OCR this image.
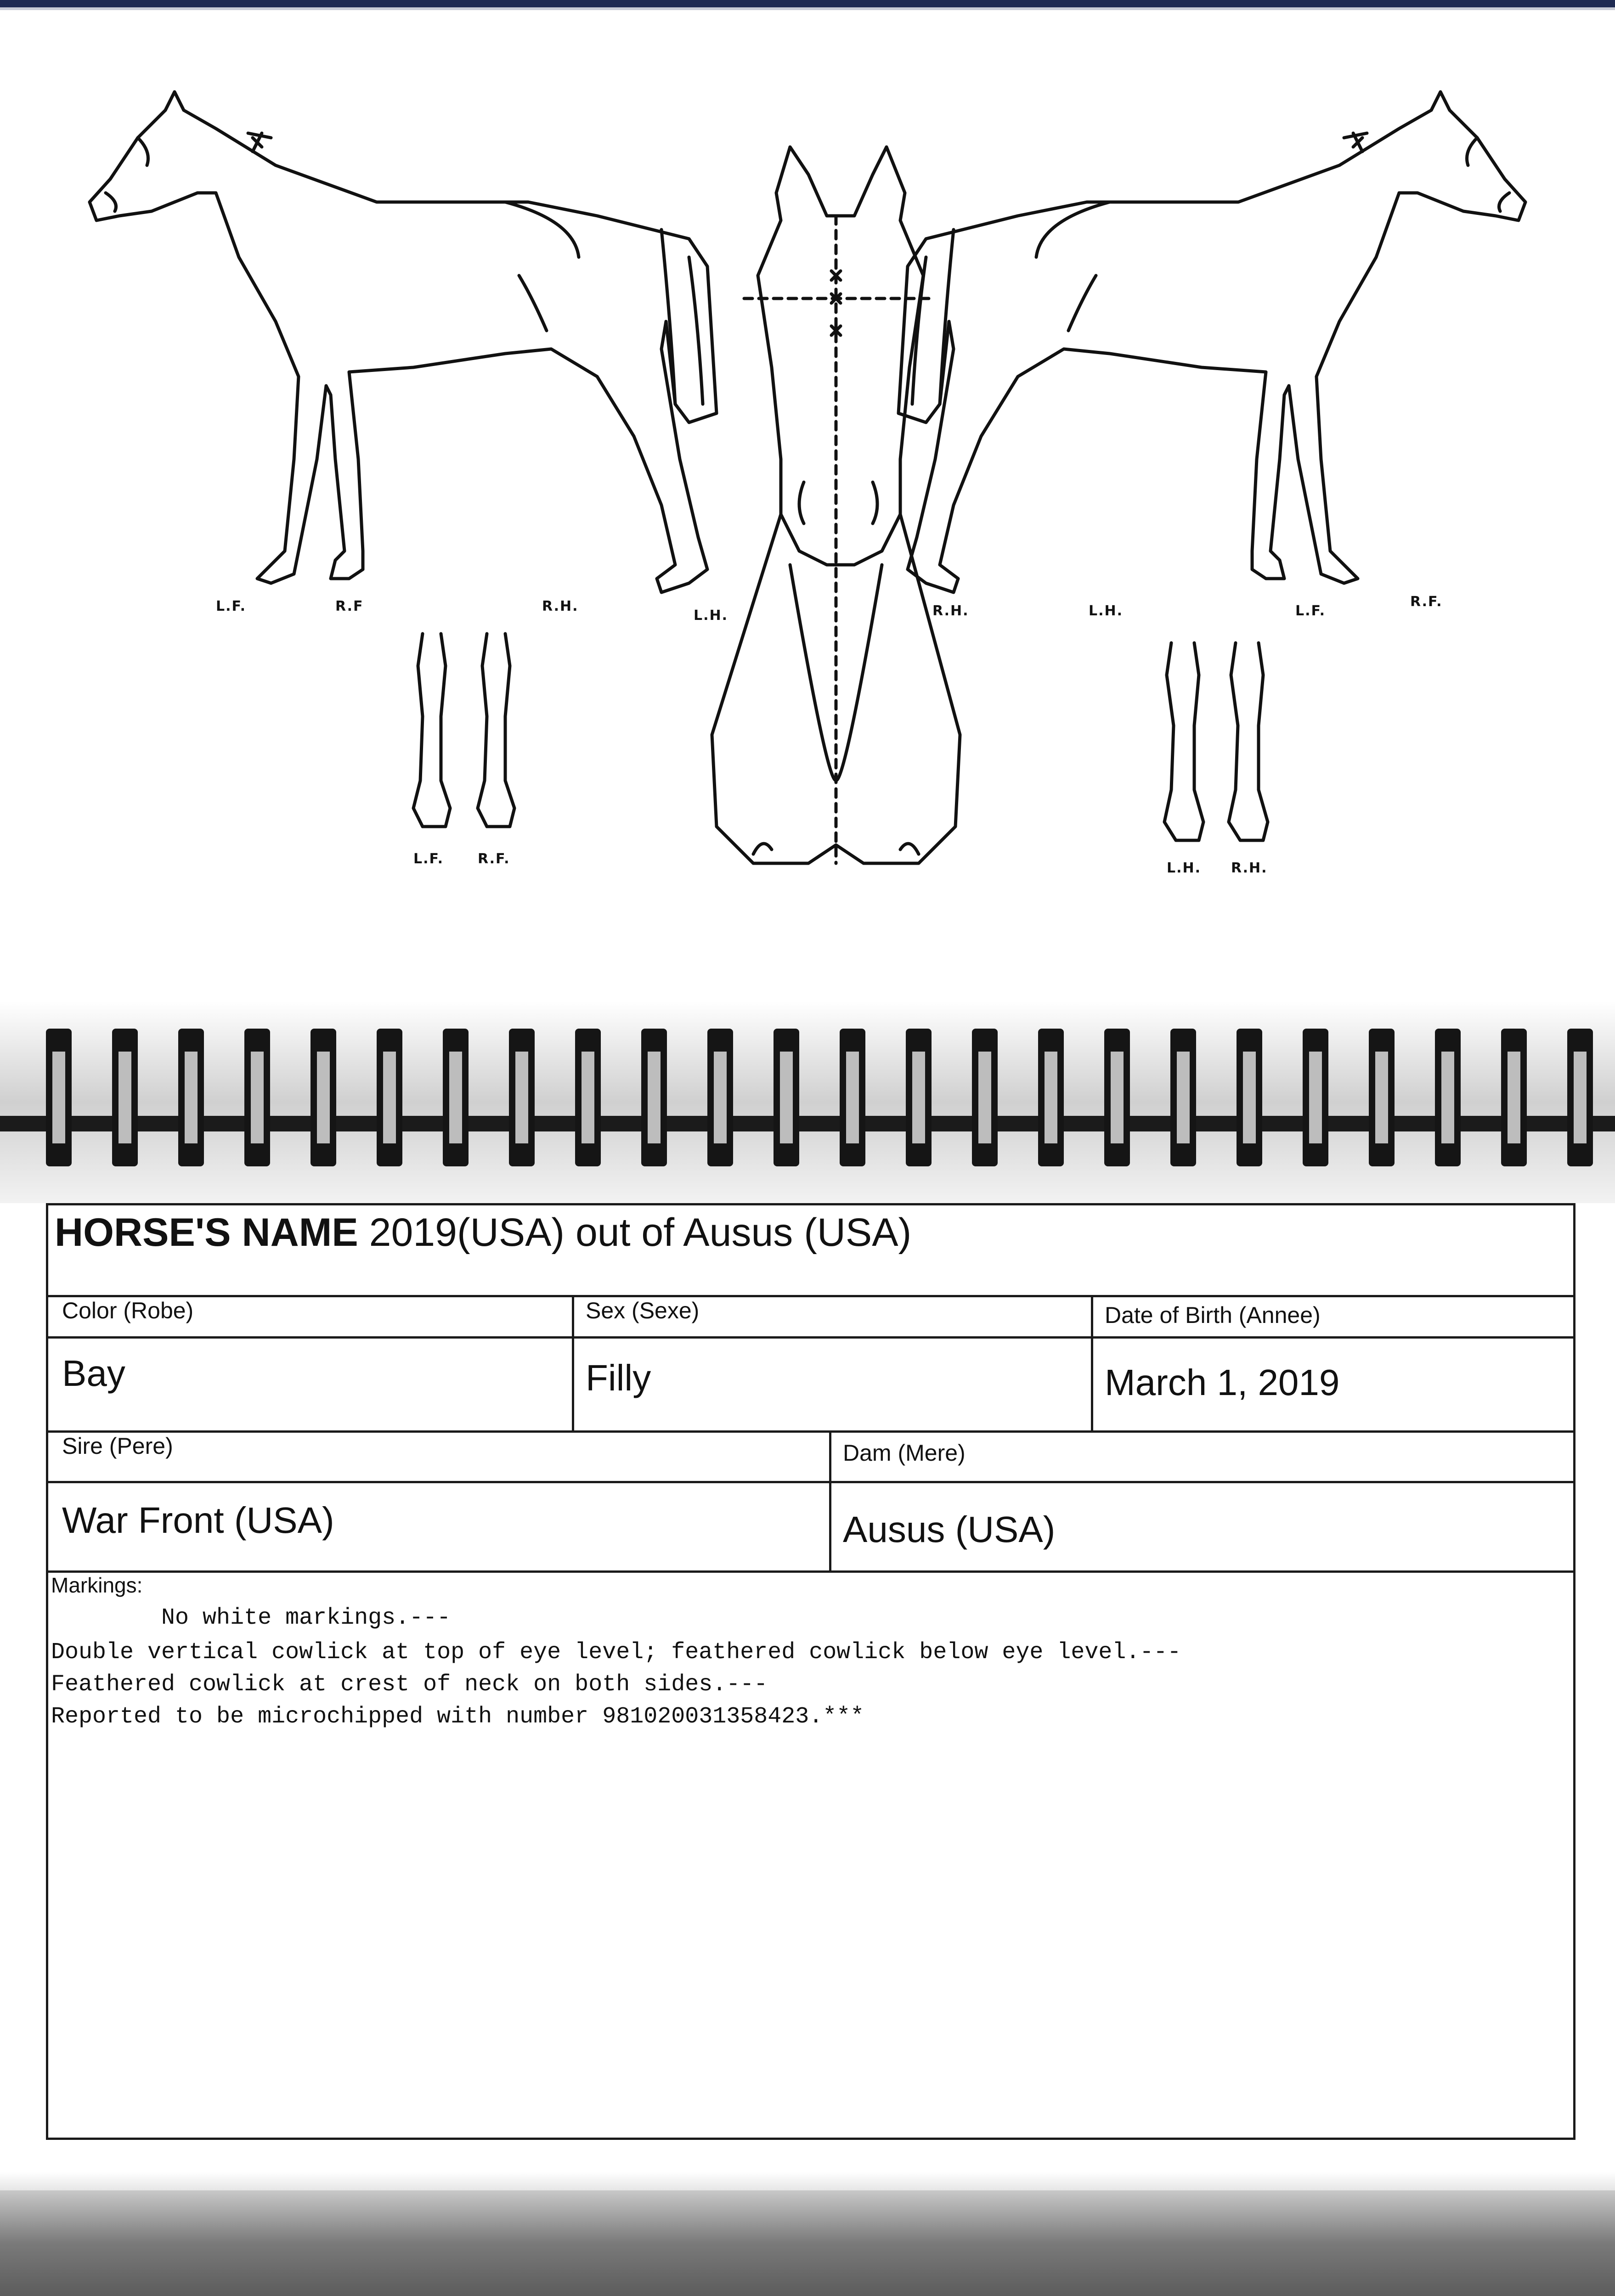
L.F.	R.F	R.H.
L.H.	R.H.	L.H.	L.F.
R.F.
L.F. R.F.
L.H. R.H.
HORSE'S NAME 2019(USA) out of Ausus (USA)
Color (Robe)	Sex (Sexe)	Date of Birth (Annee)
Bay	Filly	March 1, 2019
Sire (Pere)	Dam (Mere)
War Front (USA)	Ausus (USA)
Markings:
No white markings.---
Double vertical cowlick at top of eye level; feathered cowlick below eye level.---
Feathered cowlick at crest of neck on both sides.---
Reported to be microchipped with number 981020031358423.***
